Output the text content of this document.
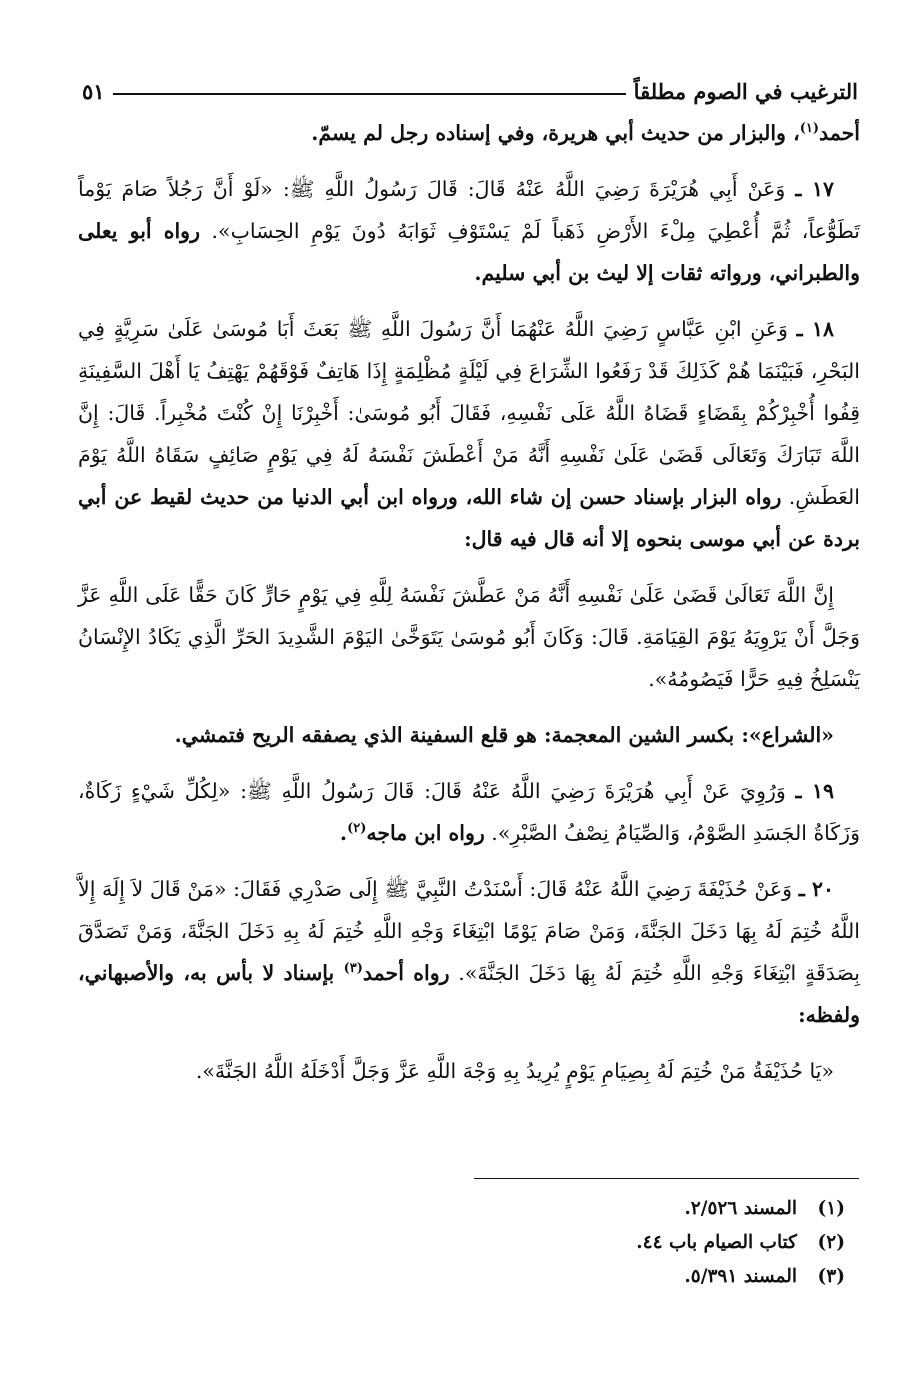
الترغيب في الصوم مطلقاً
٥١

أحمد$^{(١)}$، والبزار من حديث أبي هريرة، وفي إسناده رجل لم يسمّ.

١٧ ـ وَعَنْ أَبِي هُرَيْرَةَ رَضِيَ اللَّهُ عَنْهُ قَالَ: قَالَ رَسُولُ اللَّهِ ﷺ: «لَوْ أَنَّ رَجُلاً صَامَ يَوْماً تَطَوُّعاً، ثُمَّ أُعْطِيَ مِلْءَ الأَرْضِ ذَهَباً لَمْ يَسْتَوْفِ ثَوَابَهُ دُونَ يَوْمِ الحِسَابِ». رواه أبو يعلى والطبراني، ورواته ثقات إلا ليث بن أبي سليم.

١٨ ـ وَعَنِ ابْنِ عَبَّاسٍ رَضِيَ اللَّهُ عَنْهُمَا أَنَّ رَسُولَ اللَّهِ ﷺ بَعَثَ أَبَا مُوسَىٰ عَلَىٰ سَرِيَّةٍ فِي البَحْرِ، فَبَيْنَمَا هُمْ كَذَلِكَ قَدْ رَفَعُوا الشِّرَاعَ فِي لَيْلَةٍ مُظْلِمَةٍ إِذَا هَاتِفٌ فَوْقَهُمْ يَهْتِفُ يَا أَهْلَ السَّفِينَةِ قِفُوا أُخْبِرْكُمْ بِقَضَاءٍ قَضَاهُ اللَّهُ عَلَى نَفْسِهِ، فَقَالَ أَبُو مُوسَىٰ: أَخْبِرْنَا إِنْ كُنْتَ مُخْبِراً. قَالَ: إِنَّ اللَّهَ تَبَارَكَ وَتَعَالَى قَضَىٰ عَلَىٰ نَفْسِهِ أَنَّهُ مَنْ أَعْطَشَ نَفْسَهُ لَهُ فِي يَوْمٍ صَائِفٍ سَقَاهُ اللَّهُ يَوْمَ العَطَشِ. رواه البزار بإسناد حسن إن شاء الله، ورواه ابن أبي الدنيا من حديث لقيط عن أبي بردة عن أبي موسى بنحوه إلا أنه قال فيه قال:

إِنَّ اللَّهَ تَعَالَىٰ قَضَىٰ عَلَىٰ نَفْسِهِ أَنَّهُ مَنْ عَطَّشَ نَفْسَهُ لِلَّهِ فِي يَوْمٍ حَارٍّ كَانَ حَقًّا عَلَى اللَّهِ عَزَّ وَجَلَّ أَنْ يَرْوِيَهُ يَوْمَ القِيَامَةِ. قَالَ: وَكَانَ أَبُو مُوسَىٰ يَتَوَخَّىٰ اليَوْمَ الشَّدِيدَ الحَرِّ الَّذِي يَكَادُ الإِنْسَانُ يَنْسَلِخُ فِيهِ حَرًّا فَيَصُومُهُ».

«الشراع»: بكسر الشين المعجمة: هو قلع السفينة الذي يصفقه الريح فتمشي.

١٩ ـ وَرُوِيَ عَنْ أَبِي هُرَيْرَةَ رَضِيَ اللَّهُ عَنْهُ قَالَ: قَالَ رَسُولُ اللَّهِ ﷺ: «لِكُلِّ شَيْءٍ زَكَاةٌ، وَزَكَاةُ الجَسَدِ الصَّوْمُ، وَالصِّيَامُ نِصْفُ الصَّبْرِ». رواه ابن ماجه$^{(٢)}$.

٢٠ ـ وَعَنْ حُذَيْفَةَ رَضِيَ اللَّهُ عَنْهُ قَالَ: أَسْنَدْتُ النَّبِيَّ ﷺ إِلَى صَدْرِي فَقَالَ: «مَنْ قَالَ لاَ إِلَهَ إِلاَّ اللَّهُ خُتِمَ لَهُ بِهَا دَخَلَ الجَنَّةَ، وَمَنْ صَامَ يَوْمًا ابْتِغَاءَ وَجْهِ اللَّهِ خُتِمَ لَهُ بِهِ دَخَلَ الجَنَّةَ، وَمَنْ تَصَدَّقَ بِصَدَقَةٍ ابْتِغَاءَ وَجْهِ اللَّهِ خُتِمَ لَهُ بِهَا دَخَلَ الجَنَّةَ». رواه أحمد$^{(٣)}$ بإسناد لا بأس به، والأصبهاني، ولفظه:

«يَا حُذَيْفَةُ مَنْ خُتِمَ لَهُ بِصِيَامِ يَوْمٍ يُرِيدُ بِهِ وَجْهَ اللَّهِ عَزَّ وَجَلَّ أَدْخَلَهُ اللَّهُ الجَنَّةَ».

(١)المسند ٢/٥٢٦.
(٢)كتاب الصيام باب ٤٤.
(٣)المسند ٥/٣٩١.
